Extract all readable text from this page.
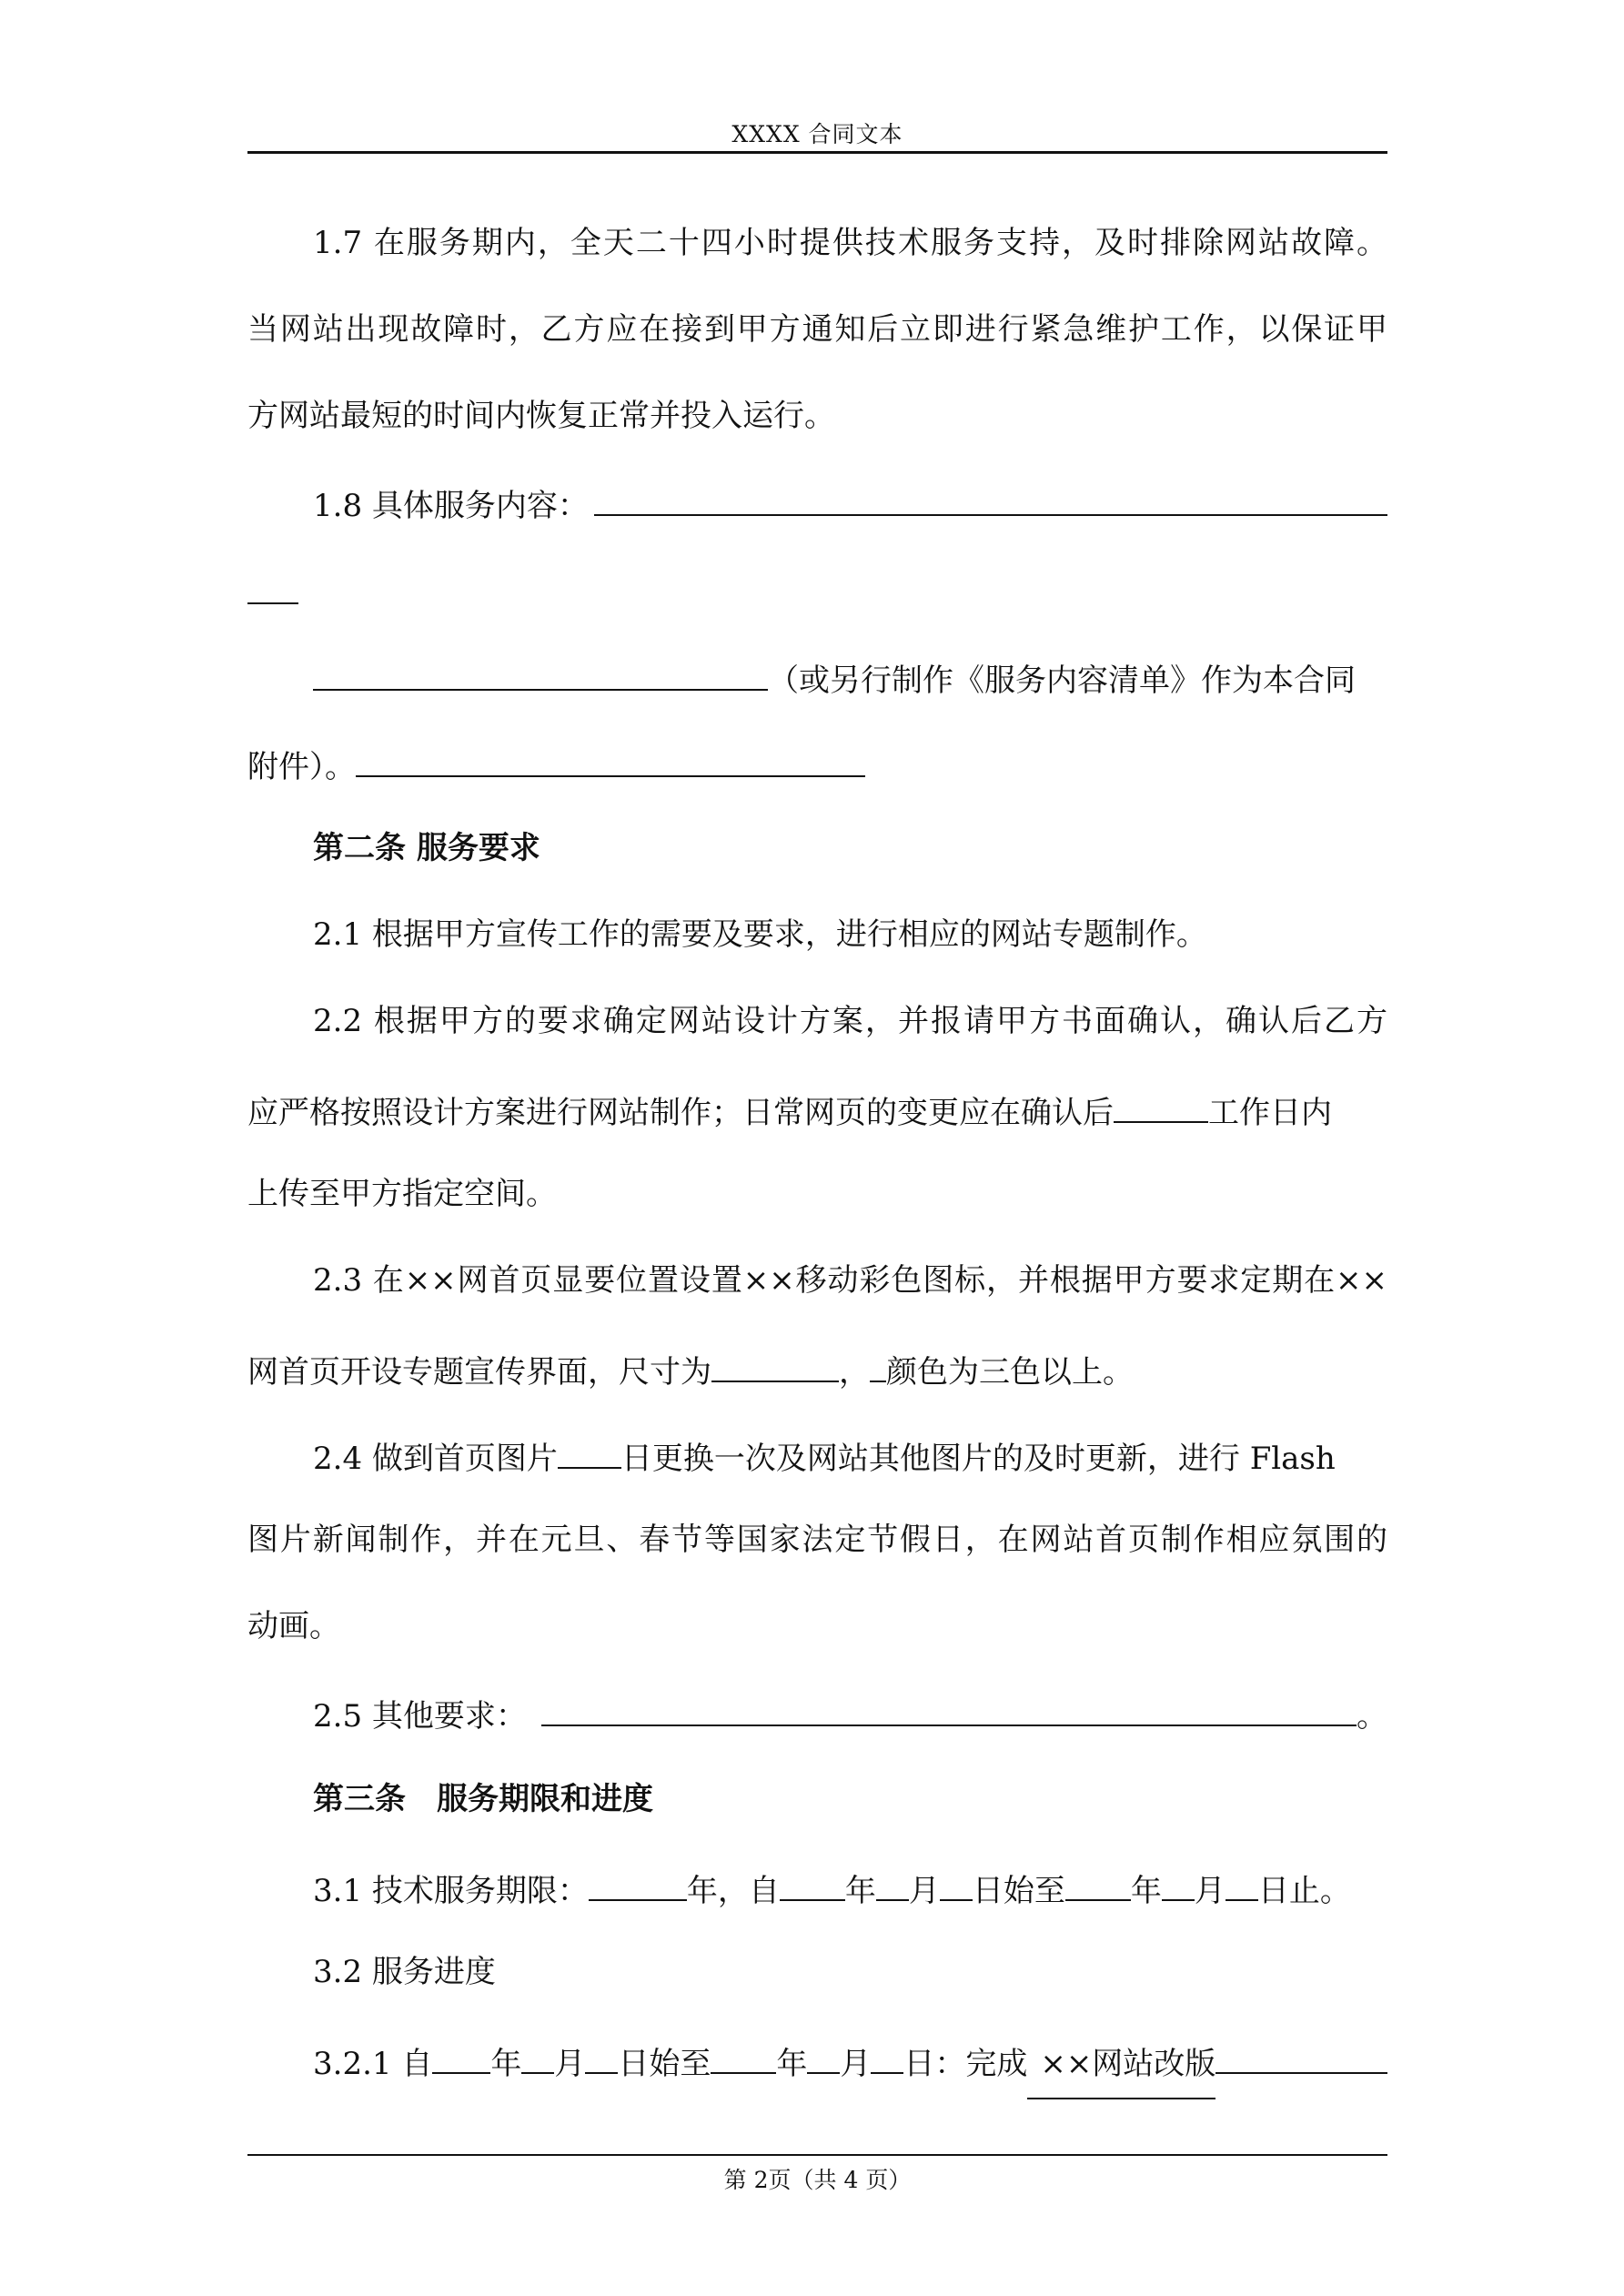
XXXX 合同文本
1.7 在服务期内，全天二十四小时提供技术服务支持，及时排除网站故障。
当网站出现故障时，乙方应在接到甲方通知后立即进行紧急维护工作，以保证甲
方网站最短的时间内恢复正常并投入运行。
1.8 具体服务内容：
（或另行制作《服务内容清单》作为本合同
附件）。
第二条 服务要求
2.1 根据甲方宣传工作的需要及要求，进行相应的网站专题制作。
2.2 根据甲方的要求确定网站设计方案，并报请甲方书面确认，确认后乙方
应严格按照设计方案进行网站制作；日常网页的变更应在确认后	工作日内
上传至甲方指定空间。
2.3 在××网首页显要位置设置××移动彩色图标，并根据甲方要求定期在××
网首页开设专题宣传界面，尺寸为	， 颜色为三色以上。
2.4 做到首页图片 日更换一次及网站其他图片的及时更新，进行 Flash
图片新闻制作，并在元旦、春节等国家法定节假日，在网站首页制作相应氛围的
动画。
2.5 其他要求：	。
第三条　服务期限和进度
3.1 技术服务期限：	年，自 年 月 日始至 年 月 日止。
3.2 服务进度
3.2.1 自 年 月 日始至 年 月 日：完成 ××网站改版
第 2页（共 4 页）
